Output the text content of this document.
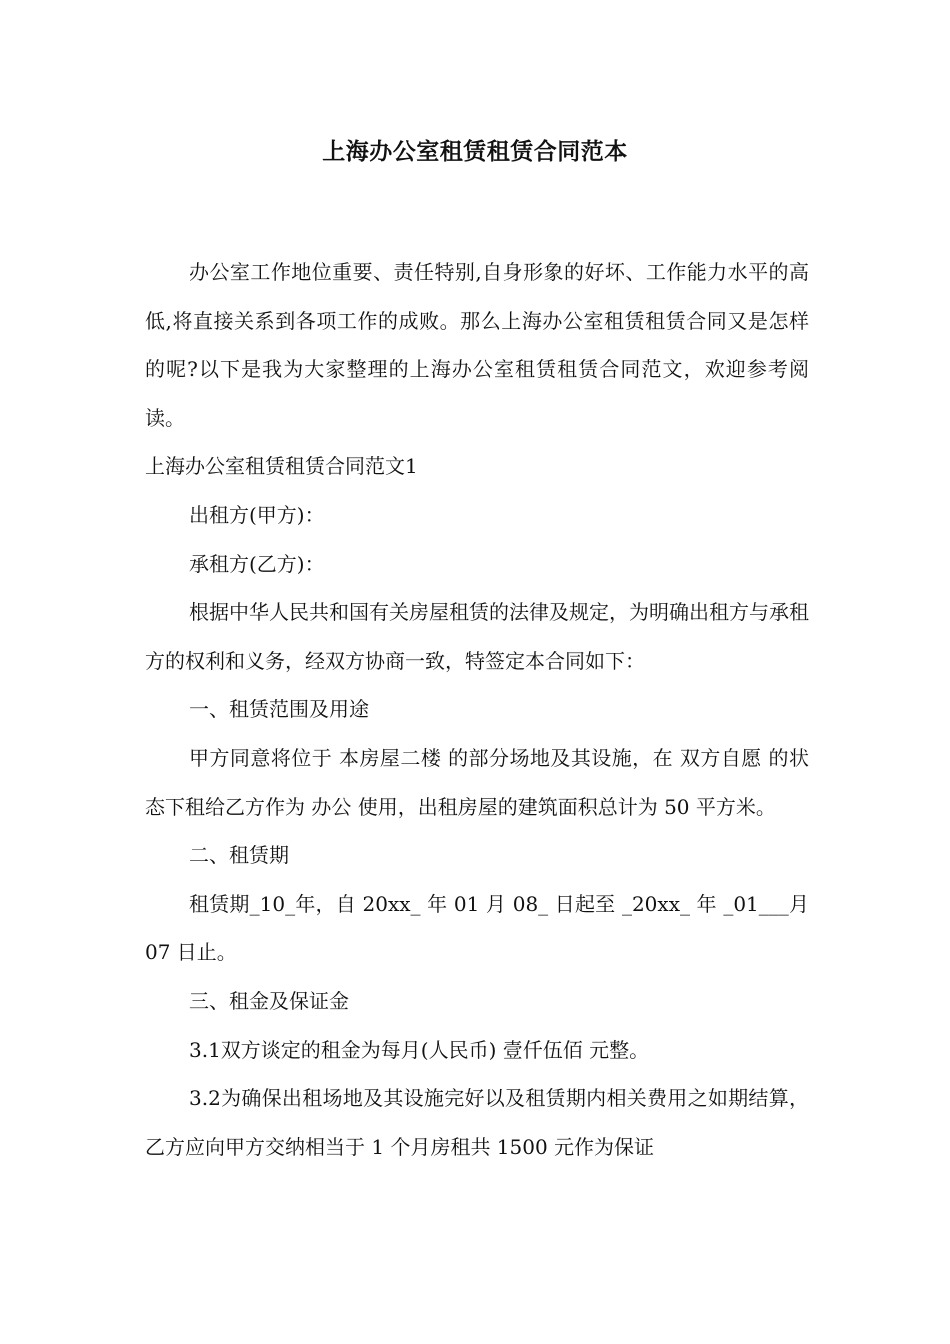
上海办公室租赁租赁合同范本

办公室工作地位重要、责任特别,自身形象的好坏、工作能力水平的高低,将直接关系到各项工作的成败。那么上海办公室租赁租赁合同又是怎样的呢?以下是我为大家整理的上海办公室租赁租赁合同范文，欢迎参考阅读。

上海办公室租赁租赁合同范文1

出租方(甲方)：

承租方(乙方)：

根据中华人民共和国有关房屋租赁的法律及规定，为明确出租方与承租方的权利和义务，经双方协商一致，特签定本合同如下：

一、租赁范围及用途

甲方同意将位于 本房屋二楼 的部分场地及其设施，在 双方自愿 的状态下租给乙方作为 办公 使用，出租房屋的建筑面积总计为 50 平方米。

二、租赁期

租赁期_10_年，自 20xx_ 年 01 月 08_ 日起至 _20xx_ 年 _01___月 07 日止。

三、租金及保证金

3.1双方谈定的租金为每月(人民币) 壹仟伍佰 元整。

3.2为确保出租场地及其设施完好以及租赁期内相关费用之如期结算，乙方应向甲方交纳相当于 1 个月房租共 1500 元作为保证
